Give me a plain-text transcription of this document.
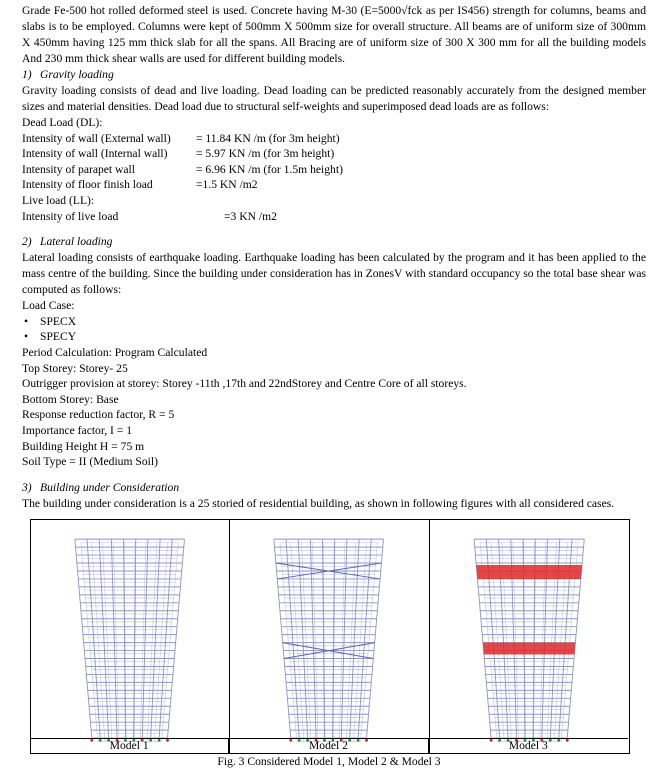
Grade Fe-500 hot rolled deformed steel is used. Concrete having M-30 (E=5000√fck as per IS456) strength for columns, beams and slabs is to be employed. Columns were kept of 500mm X 500mm size for overall structure. All beams are of uniform size of 300mm X 450mm having 125 mm thick slab for all the spans. All Bracing are of uniform size of 300 X 300 mm for all the building models And 230 mm thick shear walls are used for different building models.

1) Gravity loading

Gravity loading consists of dead and live loading. Dead loading can be predicted reasonably accurately from the designed member sizes and material densities. Dead load due to structural self-weights and superimposed dead loads are as follows:

Dead Load (DL):

Intensity of wall (External wall)	= 11.84 KN /m (for 3m height)
Intensity of wall (Internal wall)	= 5.97 KN /m (for 3m height)
Intensity of parapet wall	= 6.96 KN /m (for 1.5m height)
Intensity of floor finish load	=1.5 KN /m2

Live load (LL):

Intensity of live load	=3 KN /m2

2) Lateral loading

Lateral loading consists of earthquake loading. Earthquake loading has been calculated by the program and it has been applied to the mass centre of the building. Since the building under consideration has in ZonesV with standard occupancy so the total base shear was computed as follows:

Load Case:

• SPECX
• SPECY

Period Calculation: Program Calculated

Top Storey: Storey- 25

Outrigger provision at storey: Storey -11th ,17th and 22ndStorey and Centre Core of all storeys.

Bottom Storey: Base

Response reduction factor, R = 5

Importance factor, I = 1

Building Height H = 75 m

Soil Type = II (Medium Soil)

3) Building under Consideration

The building under consideration is a 25 storied of residential building, as shown in following figures with all considered cases.

Model 1	Model 2	Model 3
Fig. 3 Considered Model 1, Model 2 & Model 3
